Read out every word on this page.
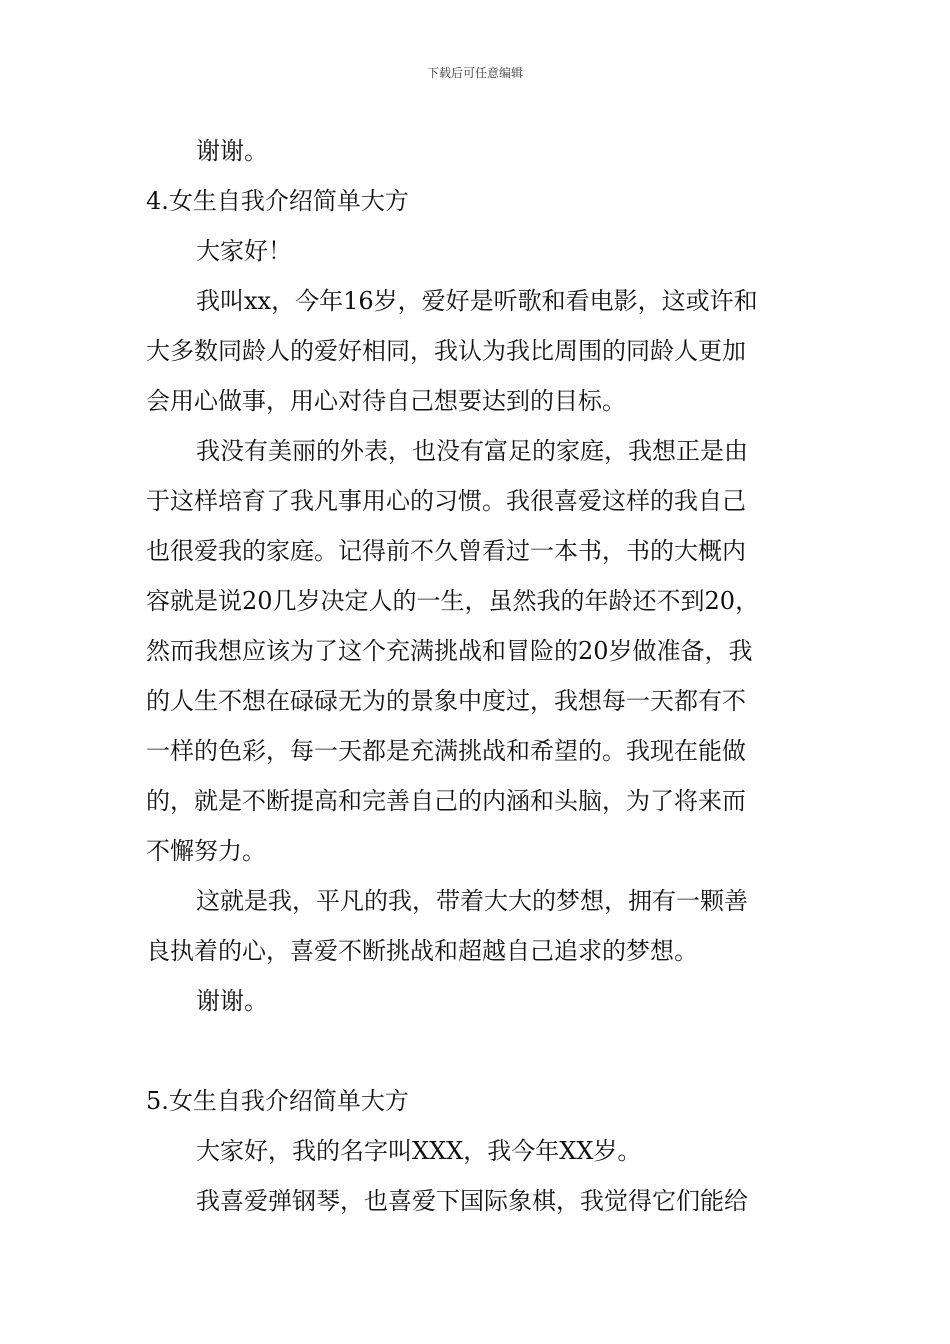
下载后可任意编辑
谢谢。
4.女生自我介绍简单大方
大家好！
我叫xx，今年16岁，爱好是听歌和看电影，这或许和
大多数同龄人的爱好相同，我认为我比周围的同龄人更加
会用心做事，用心对待自己想要达到的目标。
我没有美丽的外表，也没有富足的家庭，我想正是由
于这样培育了我凡事用心的习惯。我很喜爱这样的我自己
也很爱我的家庭。记得前不久曾看过一本书，书的大概内
容就是说20几岁决定人的一生，虽然我的年龄还不到20，
然而我想应该为了这个充满挑战和冒险的20岁做准备，我
的人生不想在碌碌无为的景象中度过，我想每一天都有不
一样的色彩，每一天都是充满挑战和希望的。我现在能做
的，就是不断提高和完善自己的内涵和头脑，为了将来而
不懈努力。
这就是我，平凡的我，带着大大的梦想，拥有一颗善
良执着的心，喜爱不断挑战和超越自己追求的梦想。
谢谢。
5.女生自我介绍简单大方
大家好，我的名字叫XXX，我今年XX岁。
我喜爱弹钢琴，也喜爱下国际象棋，我觉得它们能给
